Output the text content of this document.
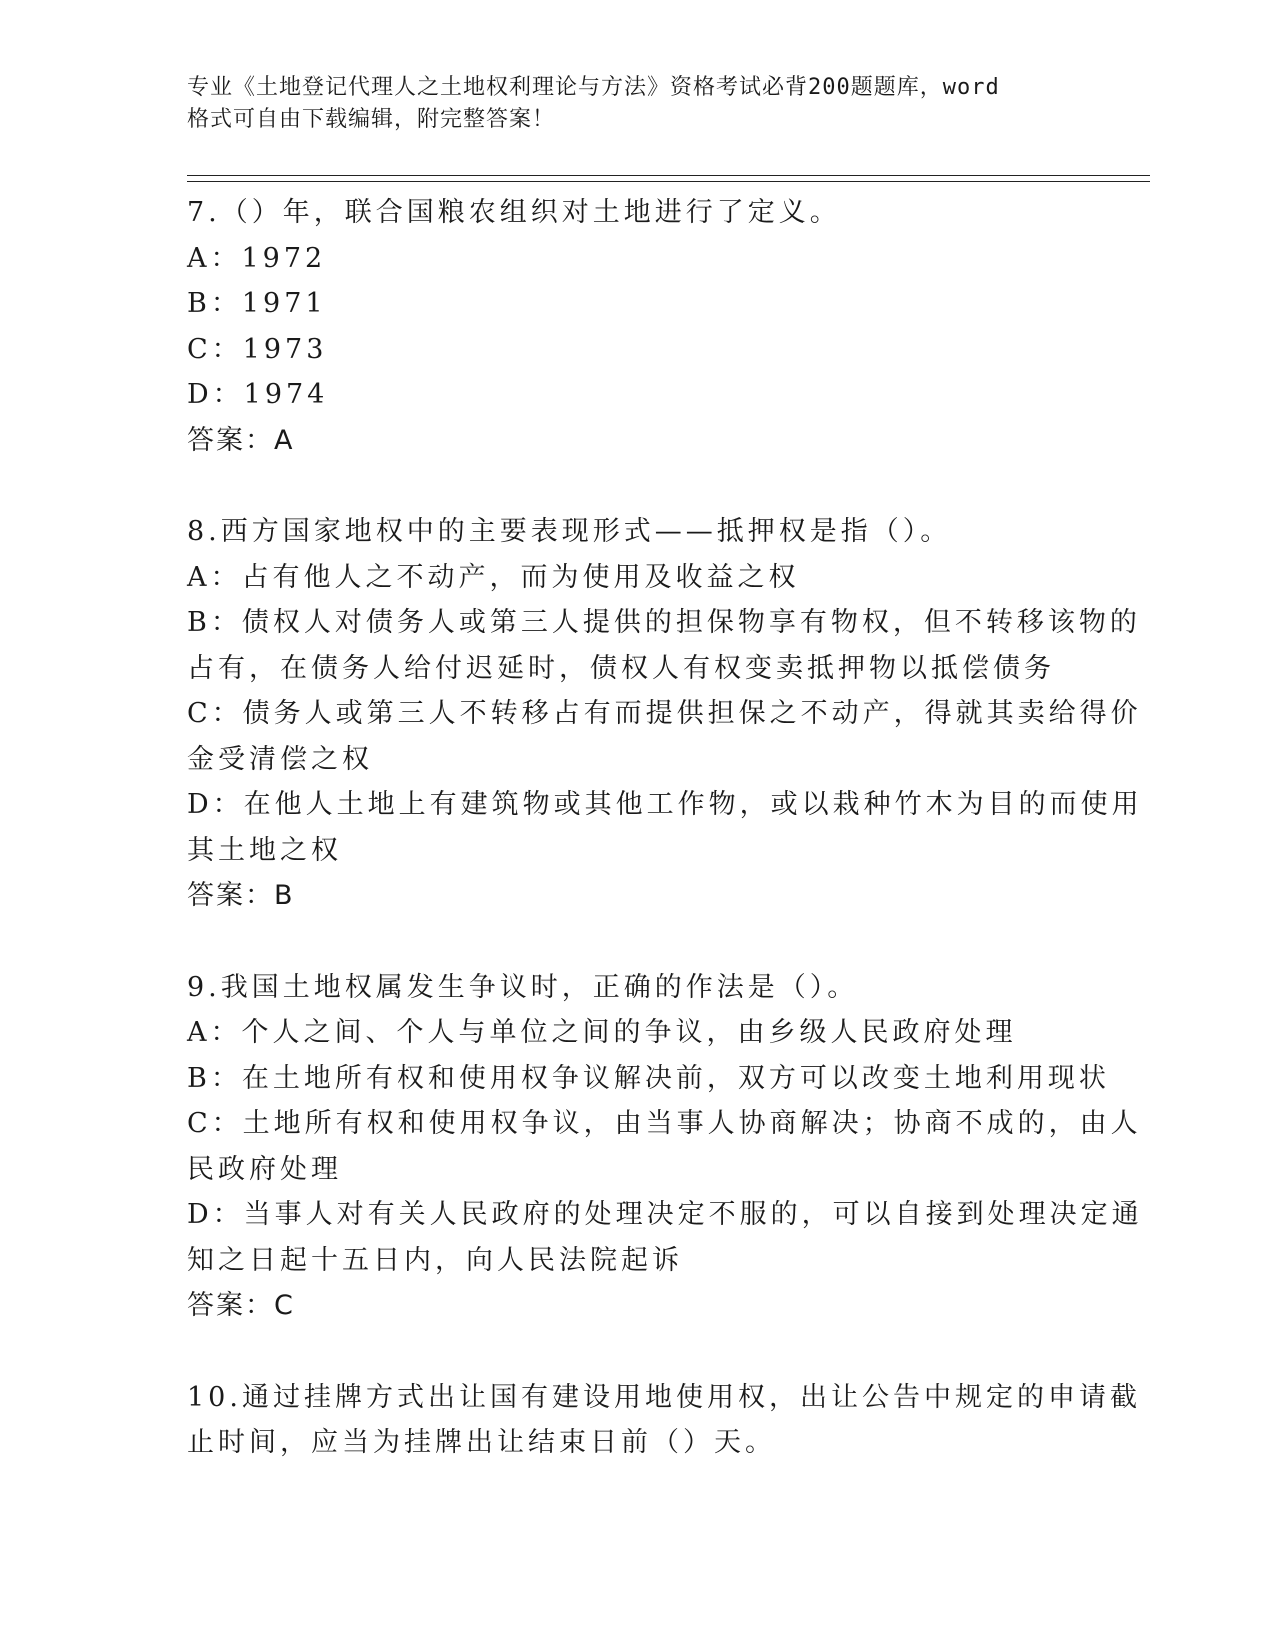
专业《土地登记代理人之土地权利理论与方法》资格考试必背200题题库，word
格式可自由下载编辑，附完整答案！
7.（）年，联合国粮农组织对土地进行了定义。
A：1972
B：1971
C：1973
D：1974
答案：A
8.西方国家地权中的主要表现形式——抵押权是指（）。
A：占有他人之不动产，而为使用及收益之权
B：债权人对债务人或第三人提供的担保物享有物权，但不转移该物的
占有，在债务人给付迟延时，债权人有权变卖抵押物以抵偿债务
C：债务人或第三人不转移占有而提供担保之不动产，得就其卖给得价
金受清偿之权
D：在他人土地上有建筑物或其他工作物，或以栽种竹木为目的而使用
其土地之权
答案：B
9.我国土地权属发生争议时，正确的作法是（）。
A：个人之间、个人与单位之间的争议，由乡级人民政府处理
B：在土地所有权和使用权争议解决前，双方可以改变土地利用现状
C：土地所有权和使用权争议，由当事人协商解决；协商不成的，由人
民政府处理
D：当事人对有关人民政府的处理决定不服的，可以自接到处理决定通
知之日起十五日内，向人民法院起诉
答案：C
10.通过挂牌方式出让国有建设用地使用权，出让公告中规定的申请截
止时间，应当为挂牌出让结束日前（）天。
